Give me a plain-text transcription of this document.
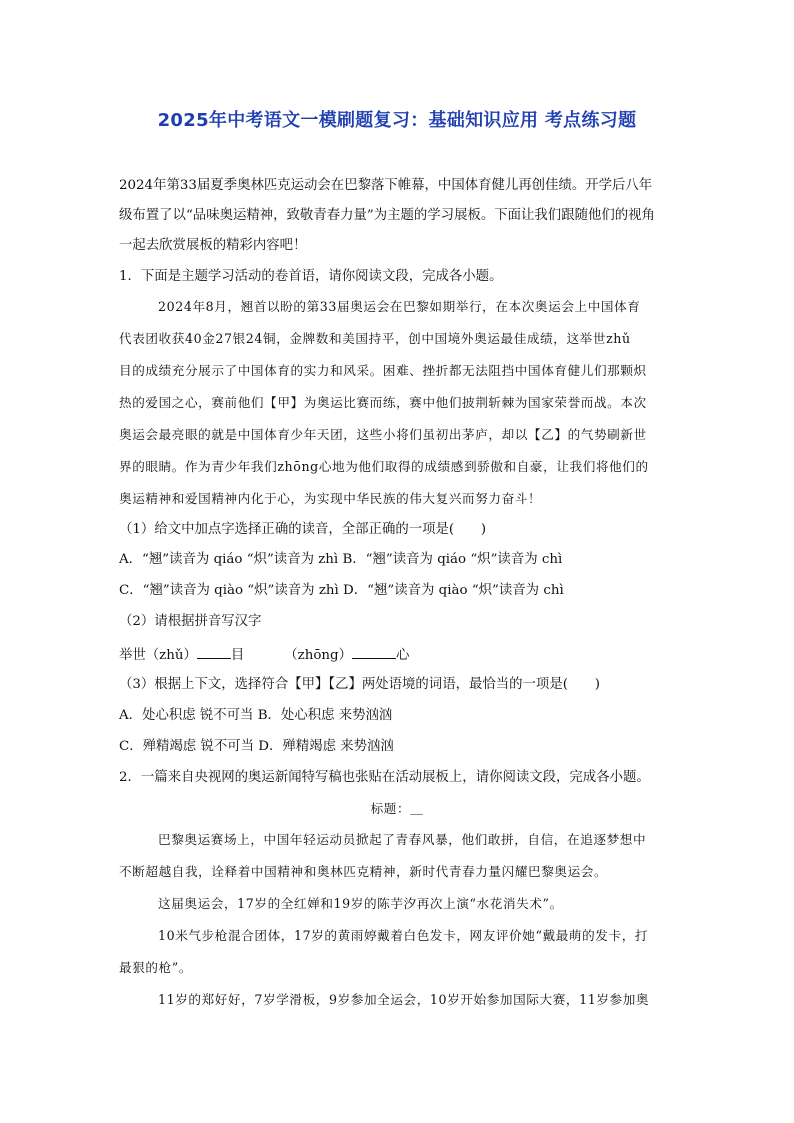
2025年中考语文一模刷题复习：基础知识应用 考点练习题
2024年第33届夏季奥林匹克运动会在巴黎落下帷幕，中国体育健儿再创佳绩。开学后八年
级布置了以“品味奥运精神，致敬青春力量”为主题的学习展板。下面让我们跟随他们的视角
一起去欣赏展板的精彩内容吧！
1．下面是主题学习活动的卷首语，请你阅读文段，完成各小题。
2024年8月，翘首以盼的第33届奥运会在巴黎如期举行，在本次奥运会上中国体育
代表团收获40金27银24铜，金牌数和美国持平，创中国境外奥运最佳成绩，这举世zhǔ
目的成绩充分展示了中国体育的实力和风采。困难、挫折都无法阻挡中国体育健儿们那颗炽
热的爱国之心，赛前他们【甲】为奥运比赛而练，赛中他们披荆斩棘为国家荣誉而战。本次
奥运会最亮眼的就是中国体育少年天团，这些小将们虽初出茅庐，却以【乙】的气势刷新世
界的眼睛。作为青少年我们zhōng心地为他们取得的成绩感到骄傲和自豪，让我们将他们的
奥运精神和爱国精神内化于心，为实现中华民族的伟大复兴而努力奋斗！
（1）给文中加点字选择正确的读音，全部正确的一项是(　　)
A．“翘”读音为 qiáo “炽”读音为 zhì B．“翘”读音为 qiáo “炽”读音为 chì
C．“翘”读音为 qiào “炽”读音为 zhì D．“翘”读音为 qiào “炽”读音为 chì
（2）请根据拼音写汉字
举世（zhǔ）	目	（zhōng）	心
（3）根据上下文，选择符合【甲】【乙】两处语境的词语，最恰当的一项是(　　)
A．处心积虑 锐不可当 B．处心积虑 来势汹汹
C．殚精竭虑 锐不可当 D．殚精竭虑 来势汹汹
2．一篇来自央视网的奥运新闻特写稿也张贴在活动展板上，请你阅读文段，完成各小题。
标题：＿
巴黎奥运赛场上，中国年轻运动员掀起了青春风暴，他们敢拼，自信，在追逐梦想中
不断超越自我，诠释着中国精神和奥林匹克精神，新时代青春力量闪耀巴黎奥运会。
这届奥运会，17岁的全红婵和19岁的陈芋汐再次上演“水花消失术”。
10米气步枪混合团体，17岁的黄雨婷戴着白色发卡，网友评价她“戴最萌的发卡，打
最狠的枪”。
11岁的郑好好，7岁学滑板，9岁参加全运会，10岁开始参加国际大赛，11岁参加奥
